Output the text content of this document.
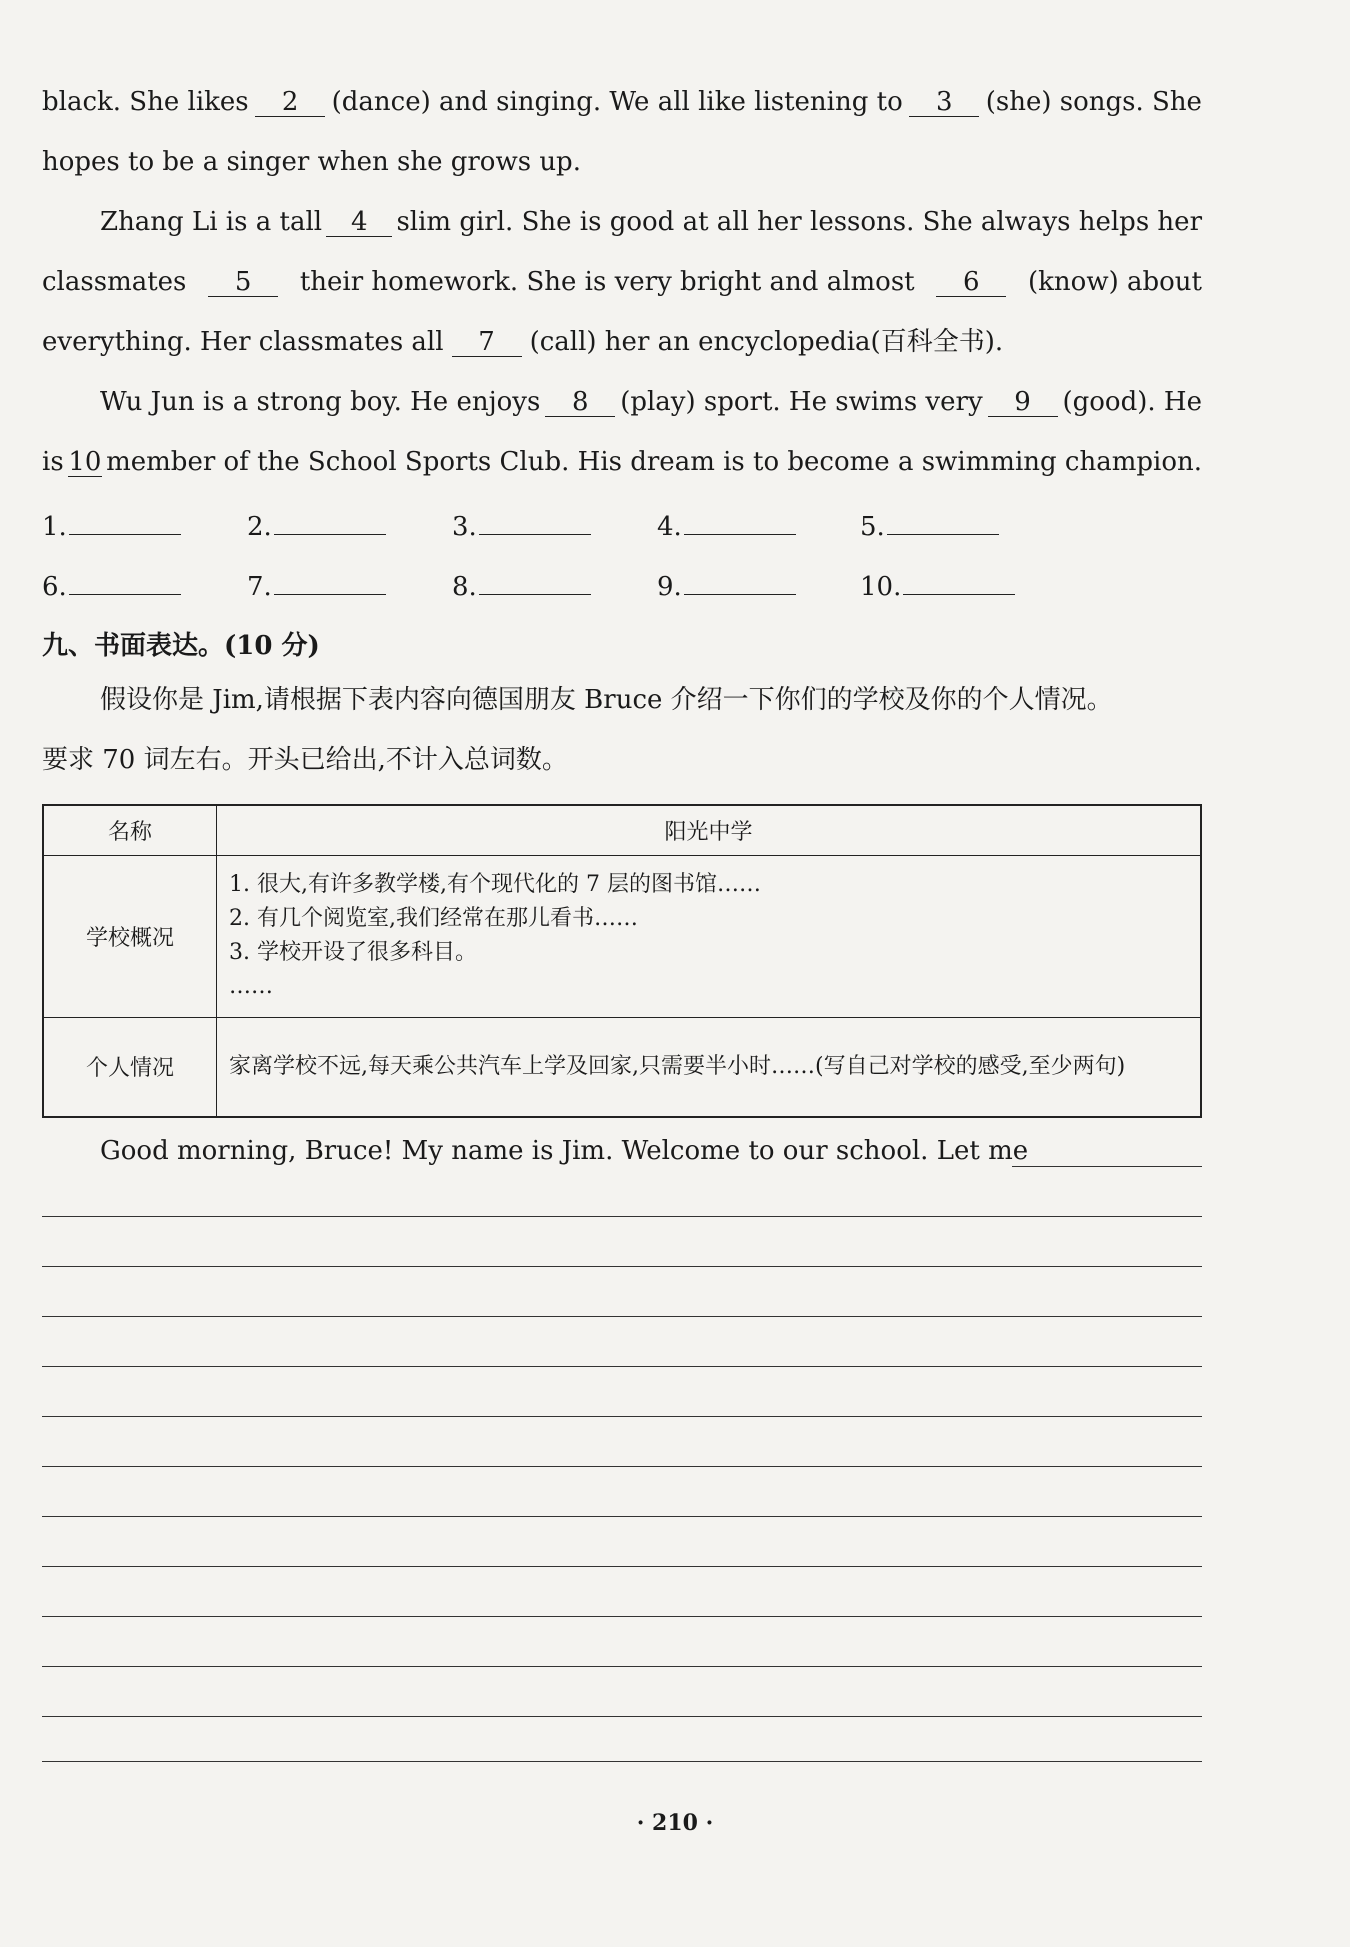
black. She likes	2	(dance) and singing. We all like listening to	3	(she) songs. She
hopes to be a singer when she grows up.
Zhang Li is a tall	4	slim girl. She is good at all her lessons. She always helps her
classmates	5	their homework. She is very bright and almost	6	(know) about
everything. Her classmates all	7	(call) her an encyclopedia(百科全书).
Wu Jun is a strong boy. He enjoys	8	(play) sport. He swims very	9	(good). He
is 10 member of the School Sports Club. His dream is to become a swimming champion.
1.	2.	3.	4.	5.
6.	7.	8.	9.	10.
九、书面表达。(10 分)
假设你是 Jim,请根据下表内容向德国朋友 Bruce 介绍一下你们的学校及你的个人情况。
要求 70 词左右。开头已给出,不计入总词数。
名称	阳光中学
学校概况	1. 很大,有许多教学楼,有个现代化的 7 层的图书馆……
2. 有几个阅览室,我们经常在那儿看书……
3. 学校开设了很多科目。
……

个人情况	家离学校不远,每天乘公共汽车上学及回家,只需要半小时……(写自己对学校的感受,至少两句)
Good morning, Bruce! My name is Jim. Welcome to our school. Let me
· 210 ·
